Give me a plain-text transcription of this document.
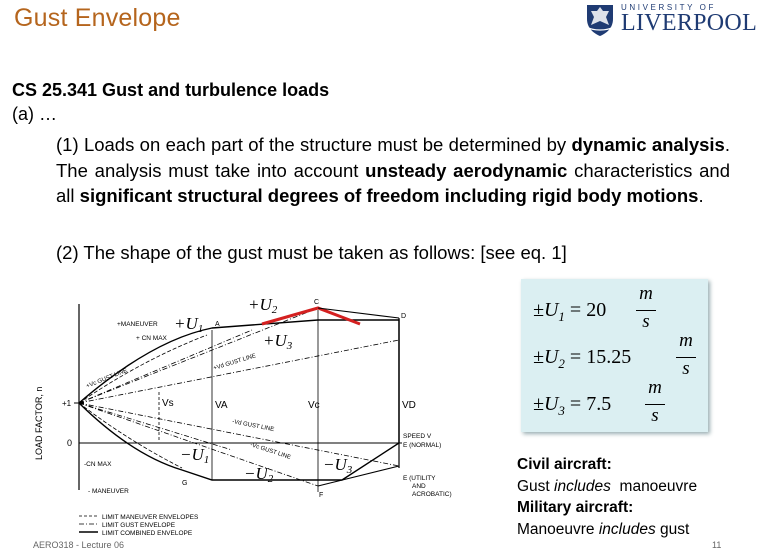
Gust Envelope	UNIVERSITY OF
LIVERPOOL
CS 25.341 Gust and turbulence loads
(a) …
(1) Loads on each part of the structure must be determined by dynamic analysis. The analysis must take into account unsteady aerodynamic characteristics and all significant structural degrees of freedom including rigid body motions.
(2) The shape of the gust must be taken as follows: [see eq. 1]
LOAD FACTOR, n +1
0
A
C
D
F
G
+MANEUVER
+ CN MAX
+Vc GUST LINE
+Vd GUST LINE
-Vd GUST LINE
-Vc GUST LINE
-CN MAX
- MANEUVER
Vs	VA	Vc	VD
SPEED V
E (NORMAL)
E (UTILITY
AND
ACROBATIC)
+U1
+U2
+U3
−U1
−U2
−U3
LIMIT MANEUVER ENVELOPES
LIMIT GUST ENVELOPE
LIMIT COMBINED ENVELOPE
$\pm U_1 = 20$
m
s
$\pm U_2 = 15.25$
m
s
$\pm U_3 = 7.5$
m
s
Civil aircraft:
Gust includes  manoeuvre
Military aircraft:
Manoeuvre includes gust
AERO318 - Lecture 06	11
